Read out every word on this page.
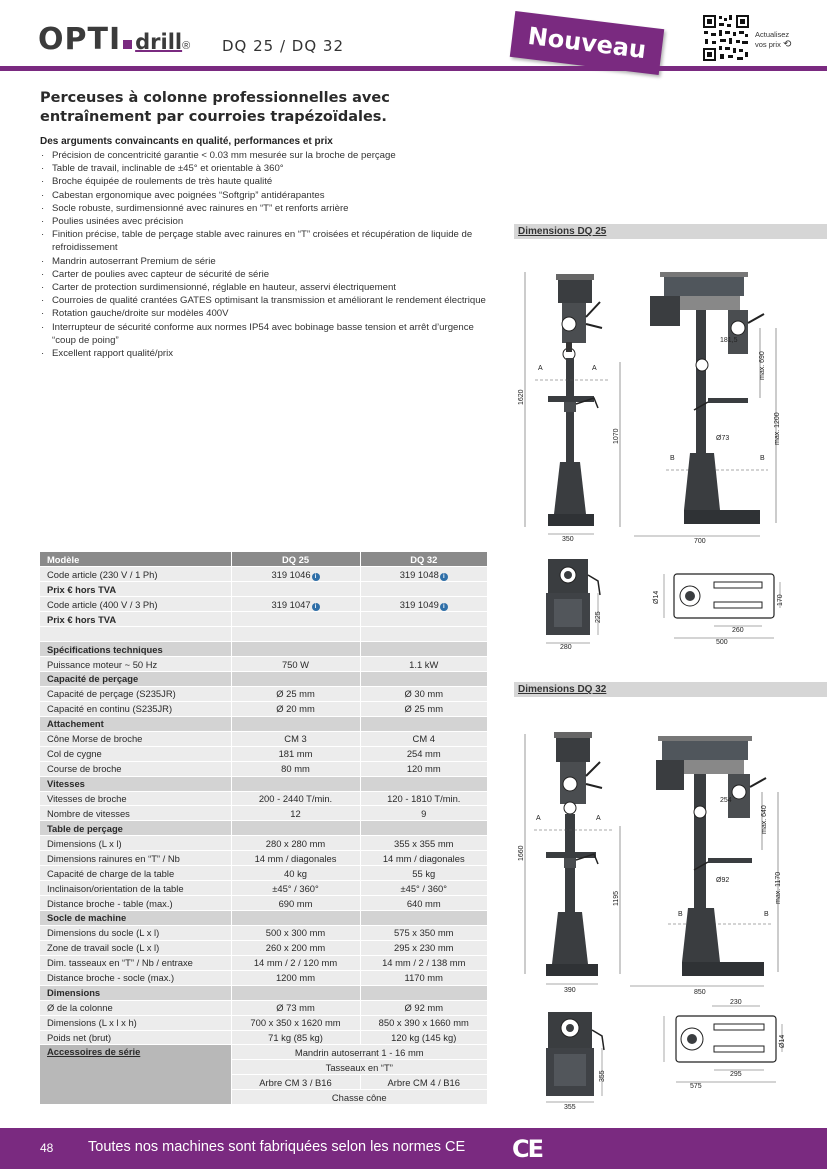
OPTI drill ® DQ 25 / DQ 32	Nouveau	Actualisez vos prix ⟲
Perceuses à colonne professionnelles avec entraînement par courroies trapézoïdales.
Des arguments convaincants en qualité, performances et prix
· Précision de concentricité garantie < 0.03 mm mesurée sur la broche de perçage
· Table de travail, inclinable de ±45° et orientable à 360°
· Broche équipée de roulements de très haute qualité
· Cabestan ergonomique avec poignées “Softgrip” antidérapantes
· Socle robuste, surdimensionné avec rainures en “T” et renforts arrière
· Poulies usinées avec précision
· Finition précise, table de perçage stable avec rainures en “T” croisées et récupération de liquide de refroidissement
· Mandrin autoserrant Premium de série
· Carter de poulies avec capteur de sécurité de série
· Carter de protection surdimensionné, réglable en hauteur, asservi électriquement
· Courroies de qualité crantées GATES optimisant la transmission et améliorant le rendement électrique
· Rotation gauche/droite sur modèles 400V
· Interrupteur de sécurité conforme aux normes IP54 avec bobinage basse tension et arrêt d’urgence “coup de poing”
· Excellent rapport qualité/prix
Dimensions DQ 25
1620
1070
A	A
350
181,5
max. 690
max. 1200
Ø73
B	B
700
225
280
Ø14	170
260
500
Dimensions DQ 32
1660
1195
A	A
390
254
max. 640
max. 1170
Ø92
B	B
850
355
355
230
Ø14
295
575
Modèle	DQ 25	DQ 32
Code article (230 V / 1 Ph)	319 1046 i	319 1048 i
Prix € hors TVA		
Code article (400 V / 3 Ph)	319 1047 i	319 1049 i
Prix € hors TVA		

Spécifications techniques		
Puissance moteur ~ 50 Hz	750 W	1.1 kW
Capacité de perçage		
Capacité de perçage (S235JR)	Ø 25 mm	Ø 30 mm
Capacité en continu (S235JR)	Ø 20 mm	Ø 25 mm
Attachement		
Cône Morse de broche	CM 3	CM 4
Col de cygne	181 mm	254 mm
Course de broche	80 mm	120 mm
Vitesses		
Vitesses de broche	200 - 2440 T/min.	120 - 1810 T/min.
Nombre de vitesses	12	9
Table de perçage		
Dimensions (L x l)	280 x 280 mm	355 x 355 mm
Dimensions rainures en “T” / Nb	14 mm / diagonales	14 mm / diagonales
Capacité de charge de la table	40 kg	55 kg
Inclinaison/orientation de la table	±45° / 360°	±45° / 360°
Distance broche - table (max.)	690 mm	640 mm
Socle de machine		
Dimensions du socle (L x l)	500 x 300 mm	575 x 350 mm
Zone de travail socle (L x l)	260 x 200 mm	295 x 230 mm
Dim. tasseaux en “T” / Nb / entraxe	14 mm / 2 / 120 mm	14 mm / 2 / 138 mm
Distance broche - socle (max.)	1200 mm	1170 mm
Dimensions		
Ø de la colonne	Ø 73 mm	Ø 92 mm
Dimensions (L x l x h)	700 x 350 x 1620 mm	850 x 390 x 1660 mm
Poids net (brut)	71 kg (85 kg)	120 kg (145 kg)
Accessoires de série	Mandrin autoserrant 1 - 16 mm	
	Tasseaux en “T”	
	Arbre CM 3 / B16	Arbre CM 4 / B16
	Chasse cône	
48 Toutes nos machines sont fabriquées selon les normes CE CE
